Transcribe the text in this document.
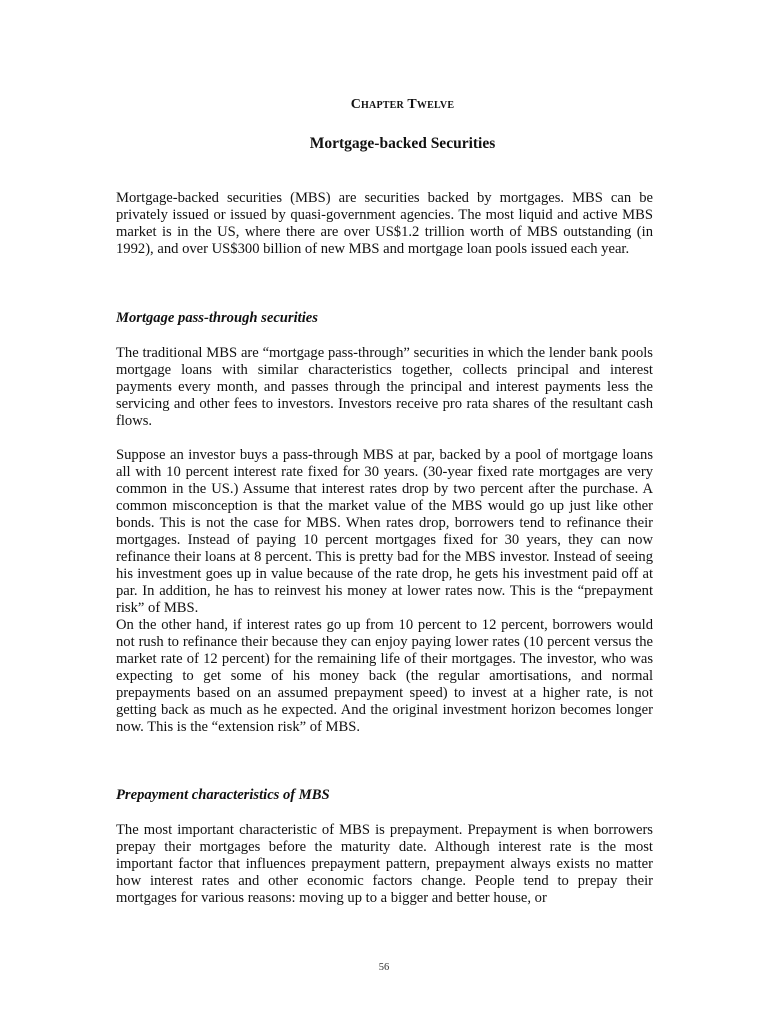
Chapter Twelve
Mortgage-backed Securities

Mortgage-backed securities (MBS) are securities backed by mortgages. MBS can be privately issued or issued by quasi-government agencies. The most liquid and active MBS market is in the US, where there are over US$1.2 trillion worth of MBS outstanding (in 1992), and over US$300 billion of new MBS and mortgage loan pools issued each year.

Mortgage pass-through securities

The traditional MBS are “mortgage pass-through” securities in which the lender bank pools mortgage loans with similar characteristics together, collects principal and interest payments every month, and passes through the principal and interest payments less the servicing and other fees to investors. Investors receive pro rata shares of the resultant cash flows.

Suppose an investor buys a pass-through MBS at par, backed by a pool of mortgage loans all with 10 percent interest rate fixed for 30 years. (30-year fixed rate mortgages are very common in the US.) Assume that interest rates drop by two percent after the purchase. A common misconception is that the market value of the MBS would go up just like other bonds. This is not the case for MBS. When rates drop, borrowers tend to refinance their mortgages. Instead of paying 10 percent mortgages fixed for 30 years, they can now refinance their loans at 8 percent. This is pretty bad for the MBS investor. Instead of seeing his investment goes up in value because of the rate drop, he gets his investment paid off at par. In addition, he has to reinvest his money at lower rates now. This is the “prepayment risk” of MBS.

On the other hand, if interest rates go up from 10 percent to 12 percent, borrowers would not rush to refinance their because they can enjoy paying lower rates (10 percent versus the market rate of 12 percent) for the remaining life of their mortgages. The investor, who was expecting to get some of his money back (the regular amortisations, and normal prepayments based on an assumed prepayment speed) to invest at a higher rate, is not getting back as much as he expected. And the original investment horizon becomes longer now. This is the “extension risk” of MBS.

Prepayment characteristics of MBS

The most important characteristic of MBS is prepayment. Prepayment is when borrowers prepay their mortgages before the maturity date. Although interest rate is the most important factor that influences prepayment pattern, prepayment always exists no matter how interest rates and other economic factors change. People tend to prepay their mortgages for various reasons: moving up to a bigger and better house, or

56
